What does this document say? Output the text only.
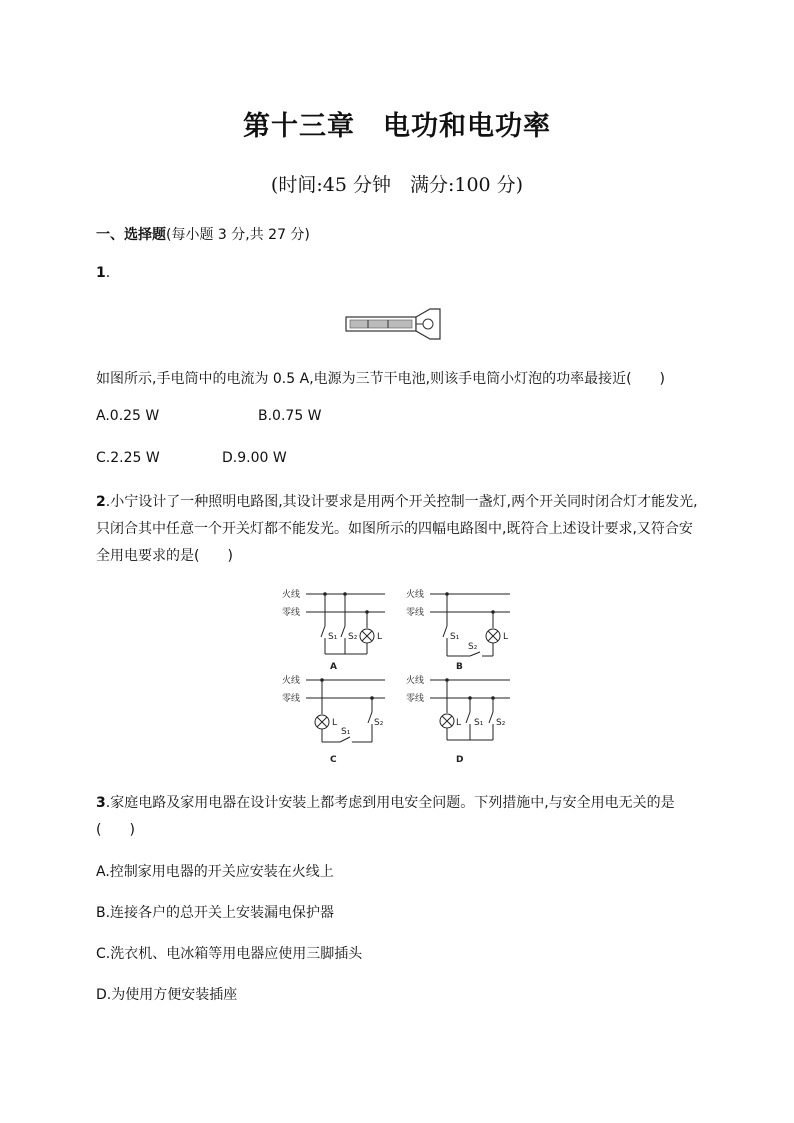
第十三章　电功和电功率
(时间:45 分钟　满分:100 分)
一、选择题(每小题 3 分,共 27 分)
1.
如图所示,手电筒中的电流为 0.5 A,电源为三节干电池,则该手电筒小灯泡的功率最接近(　　)
A.0.25 W	B.0.75 W
C.2.25 W	D.9.00 W
2.小宁设计了一种照明电路图,其设计要求是用两个开关控制一盏灯,两个开关同时闭合灯才能发光,
只闭合其中任意一个开关灯都不能发光。如图所示的四幅电路图中,既符合上述设计要求,又符合安
全用电要求的是(　　)
火线
零线
火线
零线
火线
零线
火线
零线
S₁ S₂ L	S₁
S₂
L
L
S₁
S₂	L S₁ S₂
A	B
C	D
3.家庭电路及家用电器在设计安装上都考虑到用电安全问题。下列措施中,与安全用电无关的是
(　　)
A.控制家用电器的开关应安装在火线上
B.连接各户的总开关上安装漏电保护器
C.洗衣机、电冰箱等用电器应使用三脚插头
D.为使用方便安装插座
